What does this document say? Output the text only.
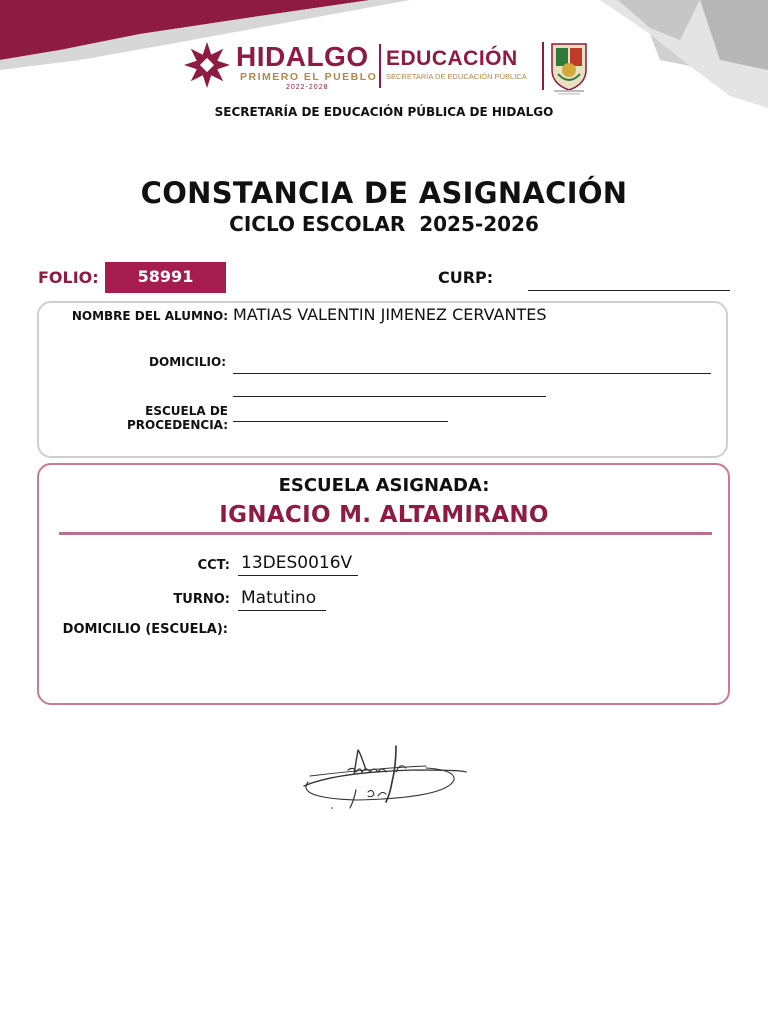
HIDALGO
PRIMERO EL PUEBLO
2022-2028
EDUCACIÓN
SECRETARÍA DE EDUCACIÓN PÚBLICA
SECRETARÍA DE EDUCACIÓN PÚBLICA DE HIDALGO
CONSTANCIA DE ASIGNACIÓN
CICLO ESCOLAR  2025-2026
FOLIO:	58991	CURP:
NOMBRE DEL ALUMNO: MATIAS VALENTIN JIMENEZ CERVANTES
DOMICILIO:
ESCUELA DE PROCEDENCIA:
ESCUELA ASIGNADA:
IGNACIO M. ALTAMIRANO
CCT: 13DES0016V
TURNO: Matutino
DOMICILIO (ESCUELA):
